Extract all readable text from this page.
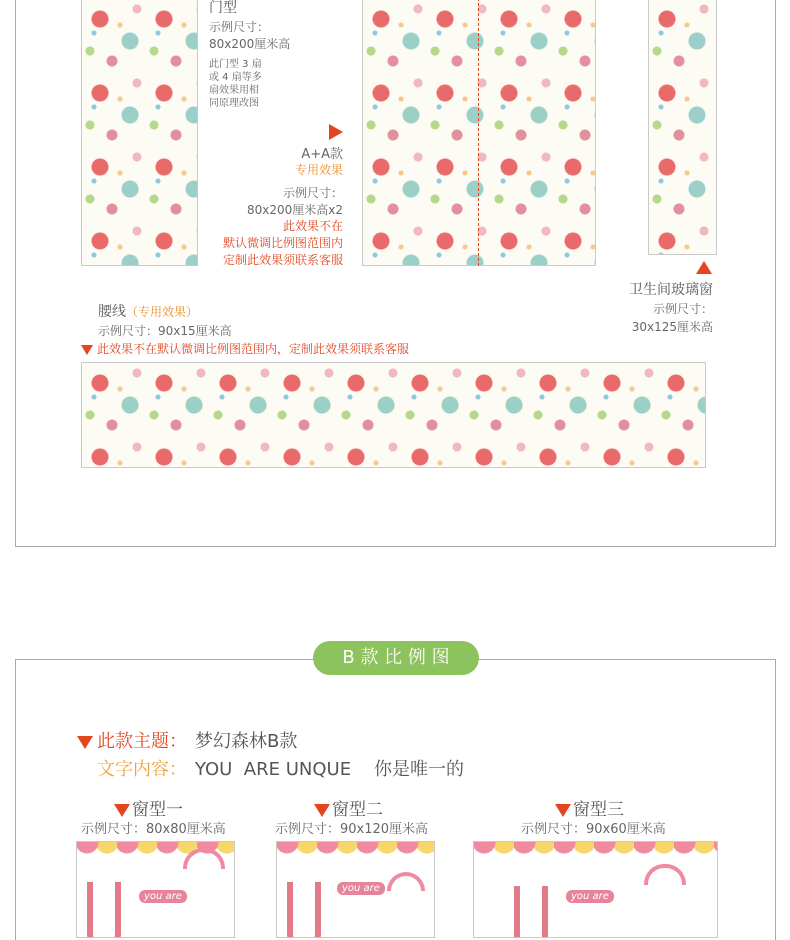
门型
示例尺寸：
80x200厘米高
此门型 3 扇
或 4 扇等多
扇效果用相
同原理改图
A+A款
专用效果
示例尺寸：
80x200厘米高x2
此效果不在
默认微调比例图范围内
定制此效果须联系客服
卫生间玻璃窗
示例尺寸：
30x125厘米高
腰线（专用效果）
示例尺寸：90x15厘米高
此效果不在默认微调比例图范围内，定制此效果须联系客服
B 款 比 例 图
此款主题： 梦幻森林B款
文字内容： YOU  ARE UNQUE    你是唯一的
窗型一
示例尺寸：80x80厘米高
you are
窗型二
示例尺寸：90x120厘米高
you are
窗型三
示例尺寸：90x60厘米高
you are
